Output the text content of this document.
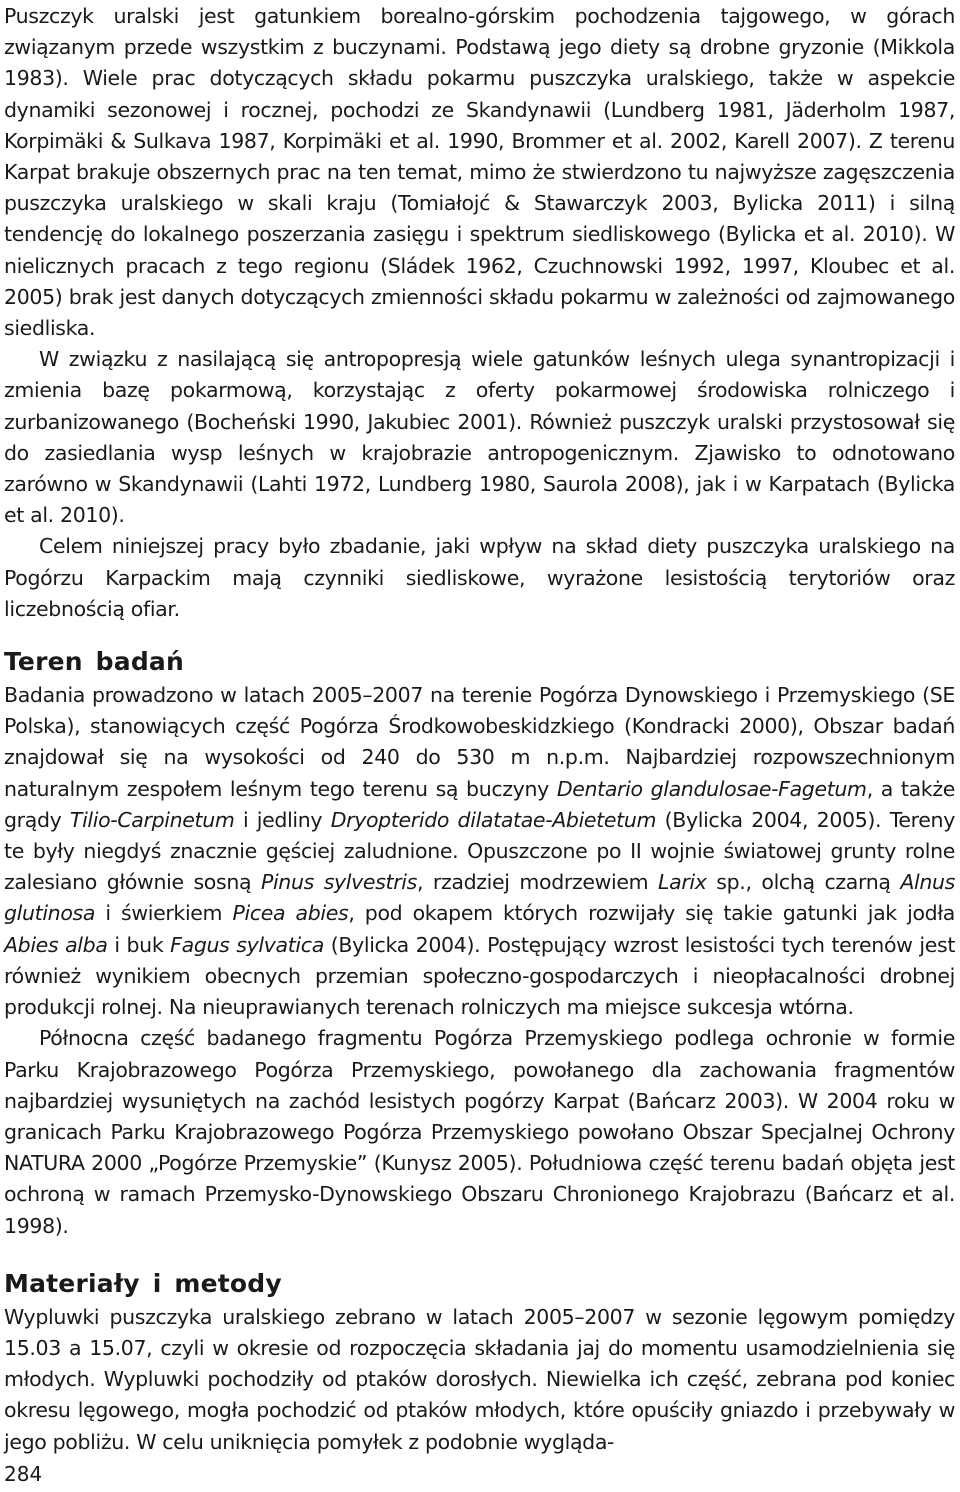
Puszczyk uralski jest gatunkiem borealno-górskim pochodzenia tajgowego, w górach związanym przede wszystkim z buczynami. Podstawą jego diety są drobne gryzonie (Mikkola 1983). Wiele prac dotyczących składu pokarmu puszczyka uralskiego, także w aspekcie dynamiki sezonowej i rocznej, pochodzi ze Skandynawii (Lundberg 1981, Jäderholm 1987, Korpimäki & Sulkava 1987, Korpimäki et al. 1990, Brommer et al. 2002, Karell 2007). Z terenu Karpat brakuje obszernych prac na ten temat, mimo że stwierdzono tu najwyższe zagęszczenia puszczyka uralskiego w skali kraju (Tomiałojć & Stawarczyk 2003, Bylicka 2011) i silną tendencję do lokalnego poszerzania zasięgu i spektrum siedliskowego (Bylicka et al. 2010). W nielicznych pracach z tego regionu (Sládek 1962, Czuchnowski 1992, 1997, Kloubec et al. 2005) brak jest danych dotyczących zmienności składu pokarmu w zależności od zajmowanego siedliska.

W związku z nasilającą się antropopresją wiele gatunków leśnych ulega synantropizacji i zmienia bazę pokarmową, korzystając z oferty pokarmowej środowiska rolniczego i zurbanizowanego (Bocheński 1990, Jakubiec 2001). Również puszczyk uralski przystosował się do zasiedlania wysp leśnych w krajobrazie antropogenicznym. Zjawisko to odnotowano zarówno w Skandynawii (Lahti 1972, Lundberg 1980, Saurola 2008), jak i w Karpatach (Bylicka et al. 2010).

Celem niniejszej pracy było zbadanie, jaki wpływ na skład diety puszczyka uralskiego na Pogórzu Karpackim mają czynniki siedliskowe, wyrażone lesistością terytoriów oraz liczebnością ofiar.

Teren badań

Badania prowadzono w latach 2005–2007 na terenie Pogórza Dynowskiego i Przemyskiego (SE Polska), stanowiących część Pogórza Środkowobeskidzkiego (Kondracki 2000), Obszar badań znajdował się na wysokości od 240 do 530 m n.p.m. Najbardziej rozpowszechnionym naturalnym zespołem leśnym tego terenu są buczyny Dentario glandulosae-Fagetum, a także grądy Tilio-Carpinetum i jedliny Dryopterido dilatatae-Abietetum (Bylicka 2004, 2005). Tereny te były niegdyś znacznie gęściej zaludnione. Opuszczone po II wojnie światowej grunty rolne zalesiano głównie sosną Pinus sylvestris, rzadziej modrzewiem Larix sp., olchą czarną Alnus glutinosa i świerkiem Picea abies, pod okapem których rozwijały się takie gatunki jak jodła Abies alba i buk Fagus sylvatica (Bylicka 2004). Postępujący wzrost lesistości tych terenów jest również wynikiem obecnych przemian społeczno-gospodarczych i nieopłacalności drobnej produkcji rolnej. Na nieuprawianych terenach rolniczych ma miejsce sukcesja wtórna.

Północna część badanego fragmentu Pogórza Przemyskiego podlega ochronie w formie Parku Krajobrazowego Pogórza Przemyskiego, powołanego dla zachowania fragmentów najbardziej wysuniętych na zachód lesistych pogórzy Karpat (Bańcarz 2003). W 2004 roku w granicach Parku Krajobrazowego Pogórza Przemyskiego powołano Obszar Specjalnej Ochrony NATURA 2000 „Pogórze Przemyskie” (Kunysz 2005). Południowa część terenu badań objęta jest ochroną w ramach Przemysko-Dynowskiego Obszaru Chronionego Krajobrazu (Bańcarz et al. 1998).

Materiały i metody

Wypluwki puszczyka uralskiego zebrano w latach 2005–2007 w sezonie lęgowym pomiędzy 15.03 a 15.07, czyli w okresie od rozpoczęcia składania jaj do momentu usamodzielnienia się młodych. Wypluwki pochodziły od ptaków dorosłych. Niewielka ich część, zebrana pod koniec okresu lęgowego, mogła pochodzić od ptaków młodych, które opuściły gniazdo i przebywały w jego pobliżu. W celu uniknięcia pomyłek z podobnie wygląda-

284
